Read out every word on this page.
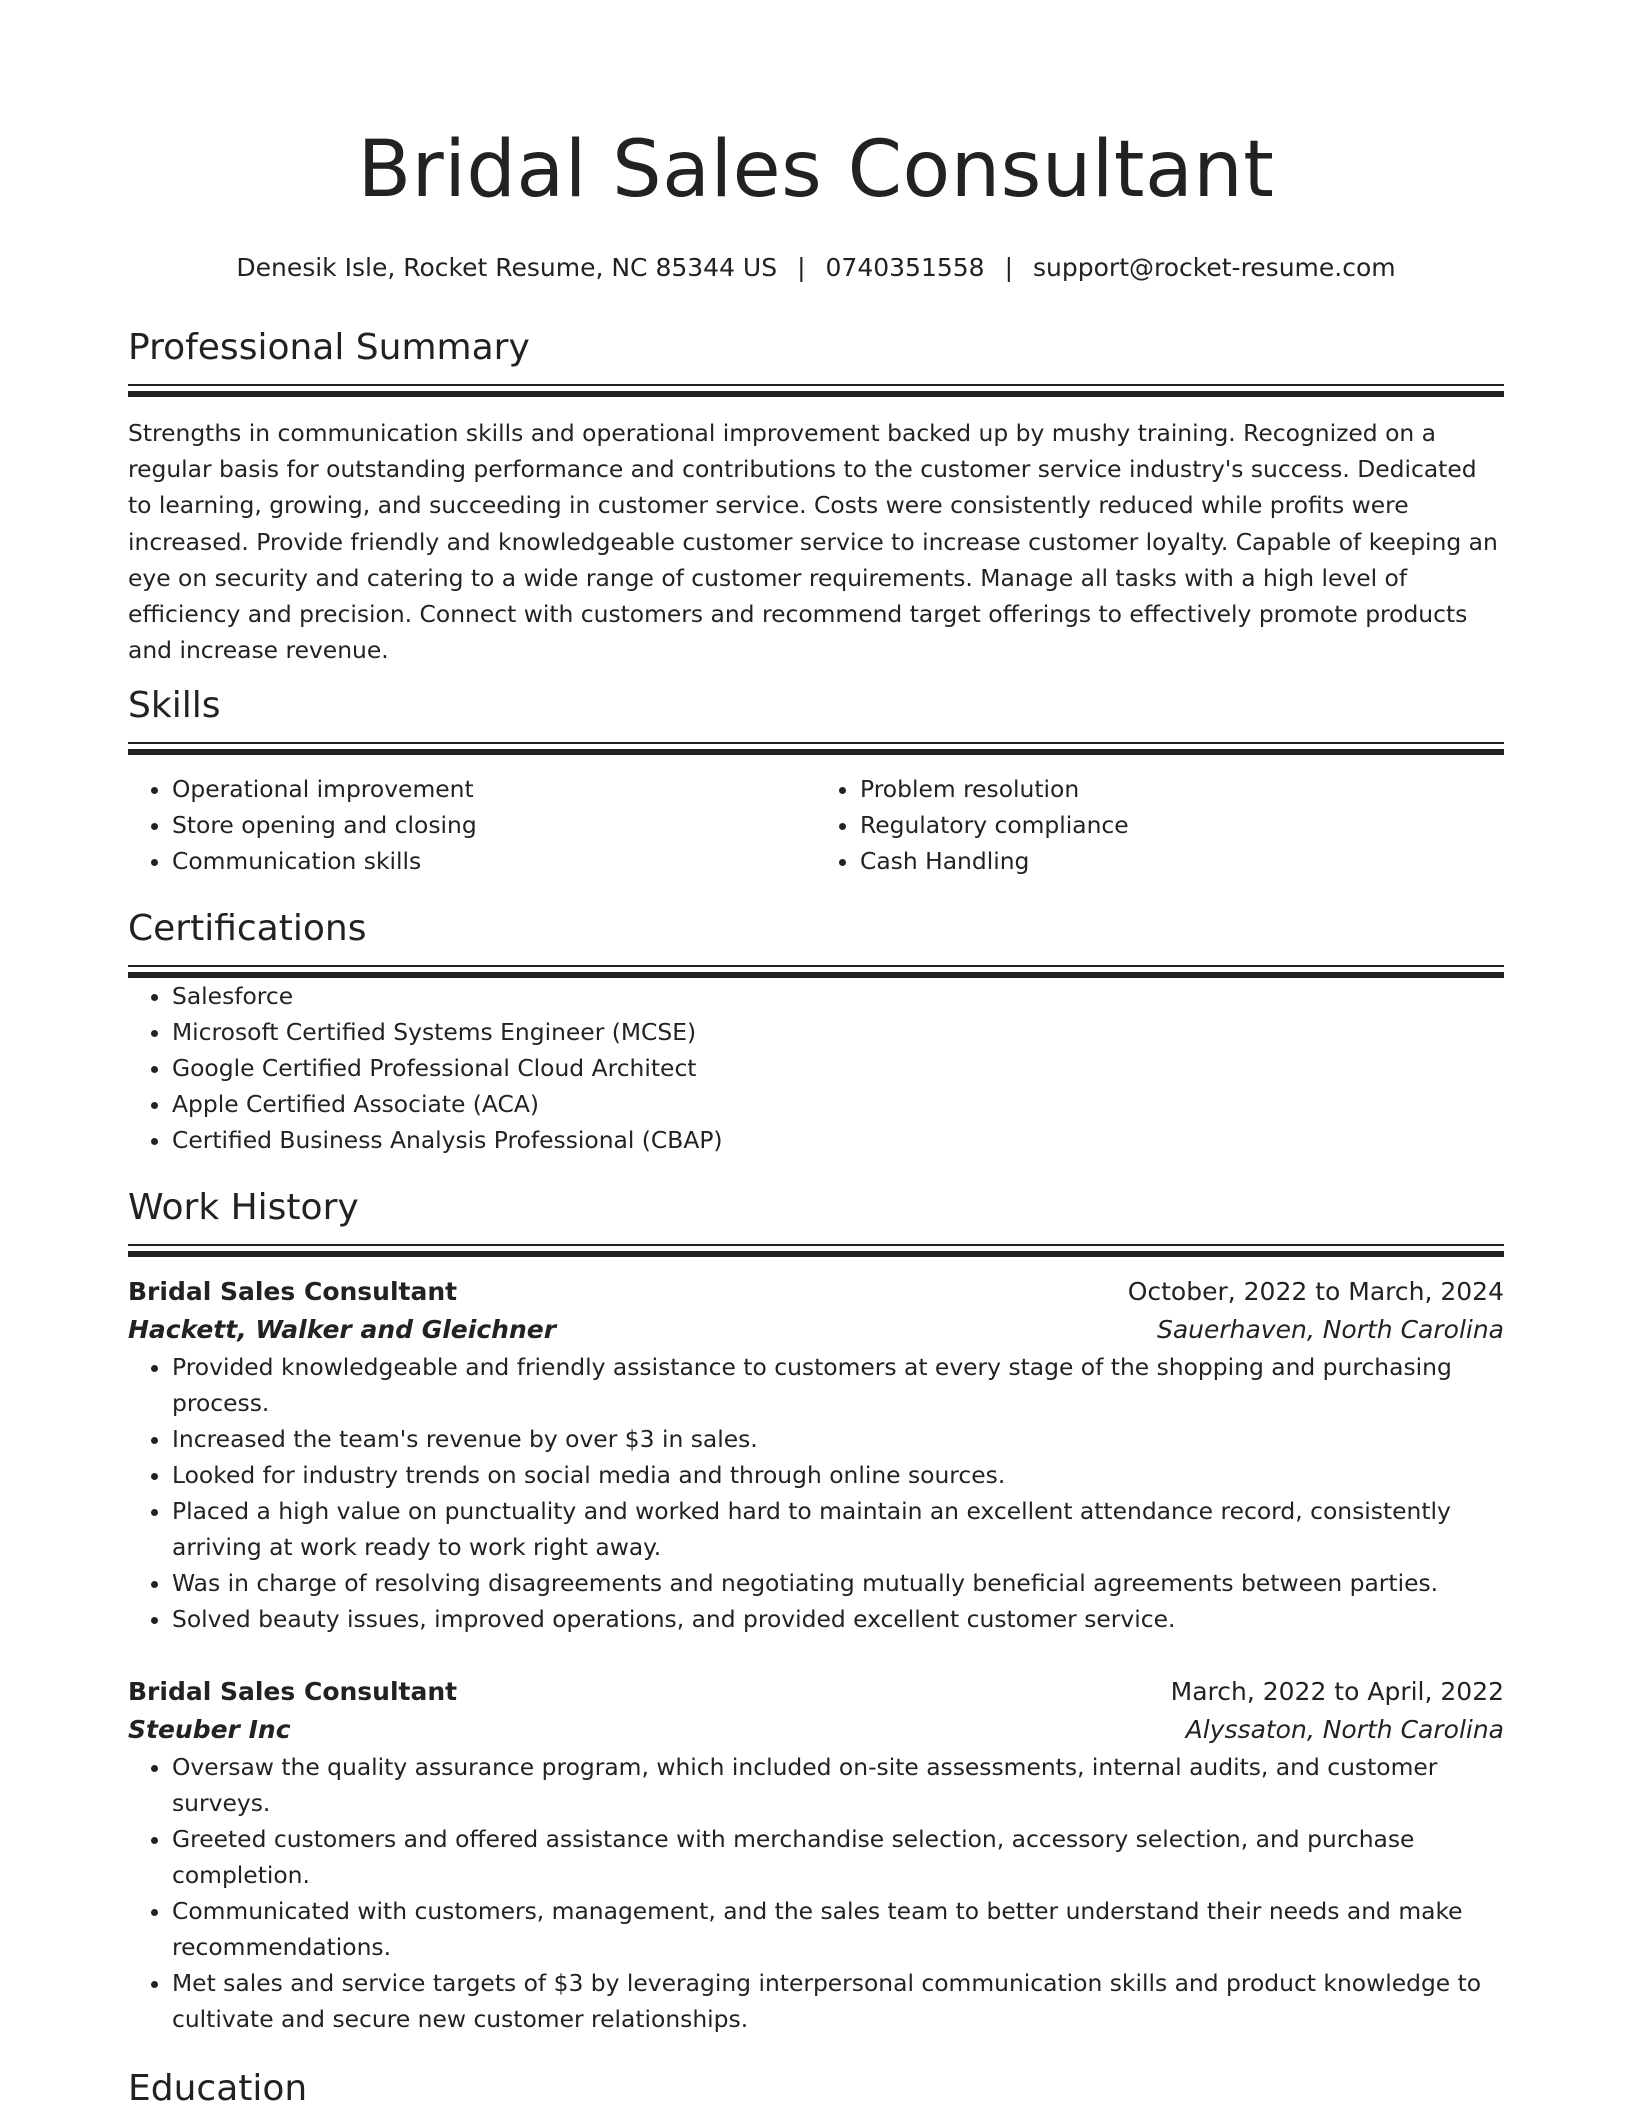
Bridal Sales Consultant
Denesik Isle, Rocket Resume, NC 85344 US | 0740351558 | support@rocket-resume.com
Professional Summary

Strengths in communication skills and operational improvement backed up by mushy training. Recognized on a regular basis for outstanding performance and contributions to the customer service industry's success. Dedicated to learning, growing, and succeeding in customer service. Costs were consistently reduced while profits were increased. Provide friendly and knowledgeable customer service to increase customer loyalty. Capable of keeping an eye on security and catering to a wide range of customer requirements. Manage all tasks with a high level of efficiency and precision. Connect with customers and recommend target offerings to effectively promote products and increase revenue.

Skills
• Operational improvement
• Store opening and closing
• Communication skills
• Problem resolution
• Regulatory compliance
• Cash Handling
Certifications
• Salesforce
• Microsoft Certified Systems Engineer (MCSE)
• Google Certified Professional Cloud Architect
• Apple Certified Associate (ACA)
• Certified Business Analysis Professional (CBAP)
Work History
Bridal Sales Consultant	October, 2022 to March, 2024
Hackett, Walker and Gleichner	Sauerhaven, North Carolina
• Provided knowledgeable and friendly assistance to customers at every stage of the shopping and purchasing process.
• Increased the team's revenue by over $3 in sales.
• Looked for industry trends on social media and through online sources.
• Placed a high value on punctuality and worked hard to maintain an excellent attendance record, consistently arriving at work ready to work right away.
• Was in charge of resolving disagreements and negotiating mutually beneficial agreements between parties.
• Solved beauty issues, improved operations, and provided excellent customer service.
Bridal Sales Consultant	March, 2022 to April, 2022
Steuber Inc	Alyssaton, North Carolina
• Oversaw the quality assurance program, which included on-site assessments, internal audits, and customer surveys.
• Greeted customers and offered assistance with merchandise selection, accessory selection, and purchase completion.
• Communicated with customers, management, and the sales team to better understand their needs and make recommendations.
• Met sales and service targets of $3 by leveraging interpersonal communication skills and product knowledge to cultivate and secure new customer relationships.
Education
